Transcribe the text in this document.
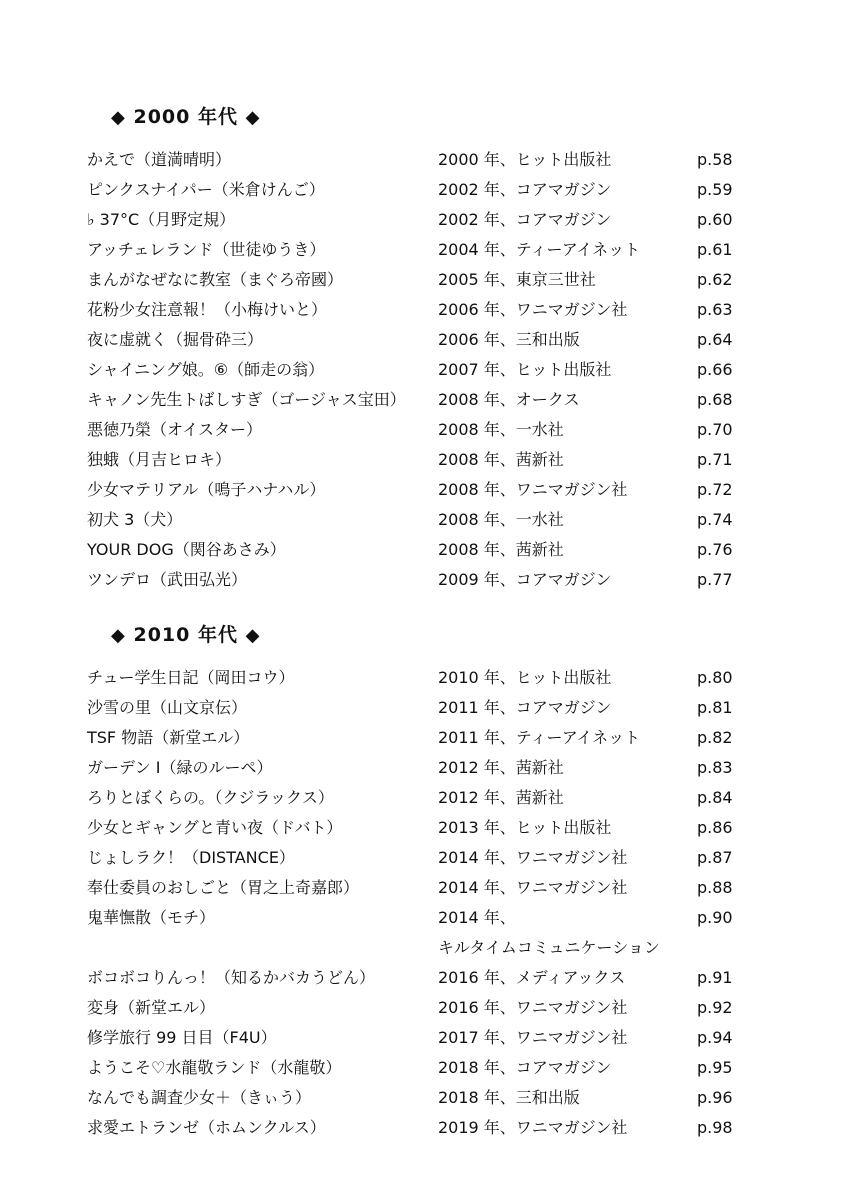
◆ 2000 年代 ◆
かえで（道満晴明）	2000 年、ヒット出版社	p.58
ピンクスナイパー（米倉けんご）	2002 年、コアマガジン	p.59
♭ 37°C（月野定規）	2002 年、コアマガジン	p.60
アッチェレランド（世徒ゆうき）	2004 年、ティーアイネット	p.61
まんがなぜなに教室（まぐろ帝國）	2005 年、東京三世社	p.62
花粉少女注意報！（小梅けいと）	2006 年、ワニマガジン社	p.63
夜に虚就く（掘骨砕三）	2006 年、三和出版	p.64
シャイニング娘。⑥（師走の翁）	2007 年、ヒット出版社	p.66
キャノン先生トばしすぎ（ゴージャス宝田） 2008 年、オークス	p.68
悪徳乃榮（オイスター）	2008 年、一水社	p.70
独蛾（月吉ヒロキ）	2008 年、茜新社	p.71
少女マテリアル（鳴子ハナハル）	2008 年、ワニマガジン社	p.72
初犬 3（犬）	2008 年、一水社	p.74
YOUR DOG（関谷あさみ）	2008 年、茜新社	p.76
ツンデロ（武田弘光）	2009 年、コアマガジン	p.77
◆ 2010 年代 ◆
チュー学生日記（岡田コウ）	2010 年、ヒット出版社	p.80
沙雪の里（山文京伝）	2011 年、コアマガジン	p.81
TSF 物語（新堂エル）	2011 年、ティーアイネット	p.82
ガーデン Ⅰ（緑のルーペ）	2012 年、茜新社	p.83
ろりとぼくらの。（クジラックス）	2012 年、茜新社	p.84
少女とギャングと青い夜（ドバト）	2013 年、ヒット出版社	p.86
じょしラク！（DISTANCE）	2014 年、ワニマガジン社	p.87
奉仕委員のおしごと（胃之上奇嘉郎）	2014 年、ワニマガジン社	p.88
鬼華憮散（モチ）	2014 年、	p.90
キルタイムコミュニケーション
ボコボコりんっ！（知るかバカうどん）	2016 年、メディアックス	p.91
変身（新堂エル）	2016 年、ワニマガジン社	p.92
修学旅行 99 日目（F4U）	2017 年、ワニマガジン社	p.94
ようこそ♡水龍敬ランド（水龍敬）	2018 年、コアマガジン	p.95
なんでも調査少女＋（きぃう）	2018 年、三和出版	p.96
求愛エトランゼ（ホムンクルス）	2019 年、ワニマガジン社	p.98
